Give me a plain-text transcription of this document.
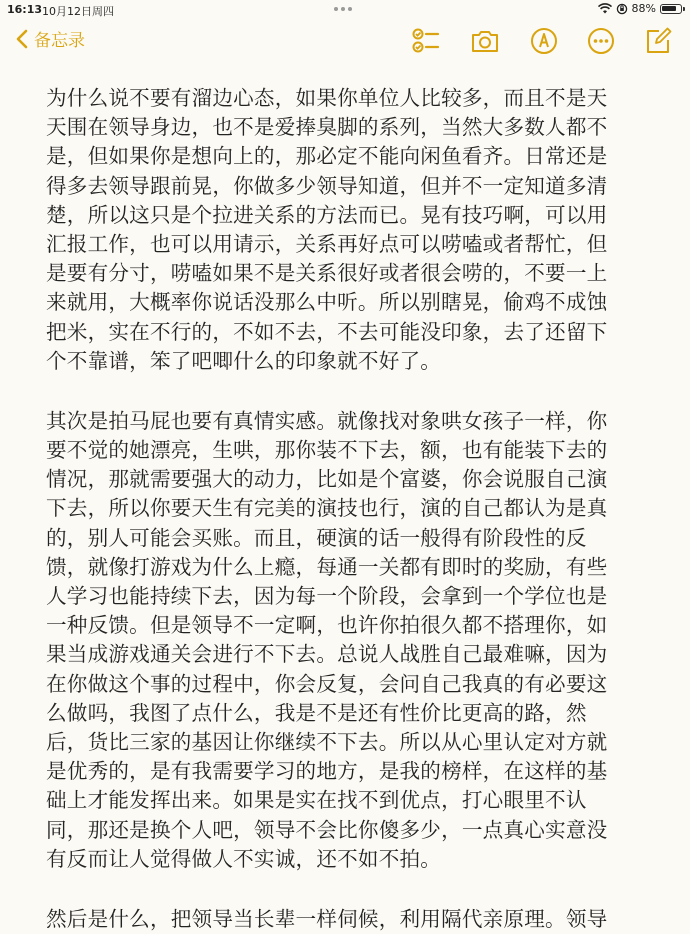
16:13 10月12日周四	88%
备忘录
为什么说不要有溜边心态，如果你单位人比较多，而且不是天
天围在领导身边，也不是爱捧臭脚的系列，当然大多数人都不
是，但如果你是想向上的，那必定不能向闲鱼看齐。日常还是
得多去领导跟前晃，你做多少领导知道，但并不一定知道多清
楚，所以这只是个拉进关系的方法而已。晃有技巧啊，可以用
汇报工作，也可以用请示，关系再好点可以唠嗑或者帮忙，但
是要有分寸，唠嗑如果不是关系很好或者很会唠的，不要一上
来就用，大概率你说话没那么中听。所以别瞎晃，偷鸡不成蚀
把米，实在不行的，不如不去，不去可能没印象，去了还留下
个不靠谱，笨了吧唧什么的印象就不好了。
其次是拍马屁也要有真情实感。就像找对象哄女孩子一样，你
要不觉的她漂亮，生哄，那你装不下去，额，也有能装下去的
情况，那就需要强大的动力，比如是个富婆，你会说服自己演
下去，所以你要天生有完美的演技也行，演的自己都认为是真
的，别人可能会买账。而且，硬演的话一般得有阶段性的反
馈，就像打游戏为什么上瘾，每通一关都有即时的奖励，有些
人学习也能持续下去，因为每一个阶段，会拿到一个学位也是
一种反馈。但是领导不一定啊，也许你拍很久都不搭理你，如
果当成游戏通关会进行不下去。总说人战胜自己最难嘛，因为
在你做这个事的过程中，你会反复，会问自己我真的有必要这
么做吗，我图了点什么，我是不是还有性价比更高的路，然
后，货比三家的基因让你继续不下去。所以从心里认定对方就
是优秀的，是有我需要学习的地方，是我的榜样，在这样的基
础上才能发挥出来。如果是实在找不到优点，打心眼里不认
同，那还是换个人吧，领导不会比你傻多少，一点真心实意没
有反而让人觉得做人不实诚，还不如不拍。
然后是什么，把领导当长辈一样伺候，利用隔代亲原理。领导
